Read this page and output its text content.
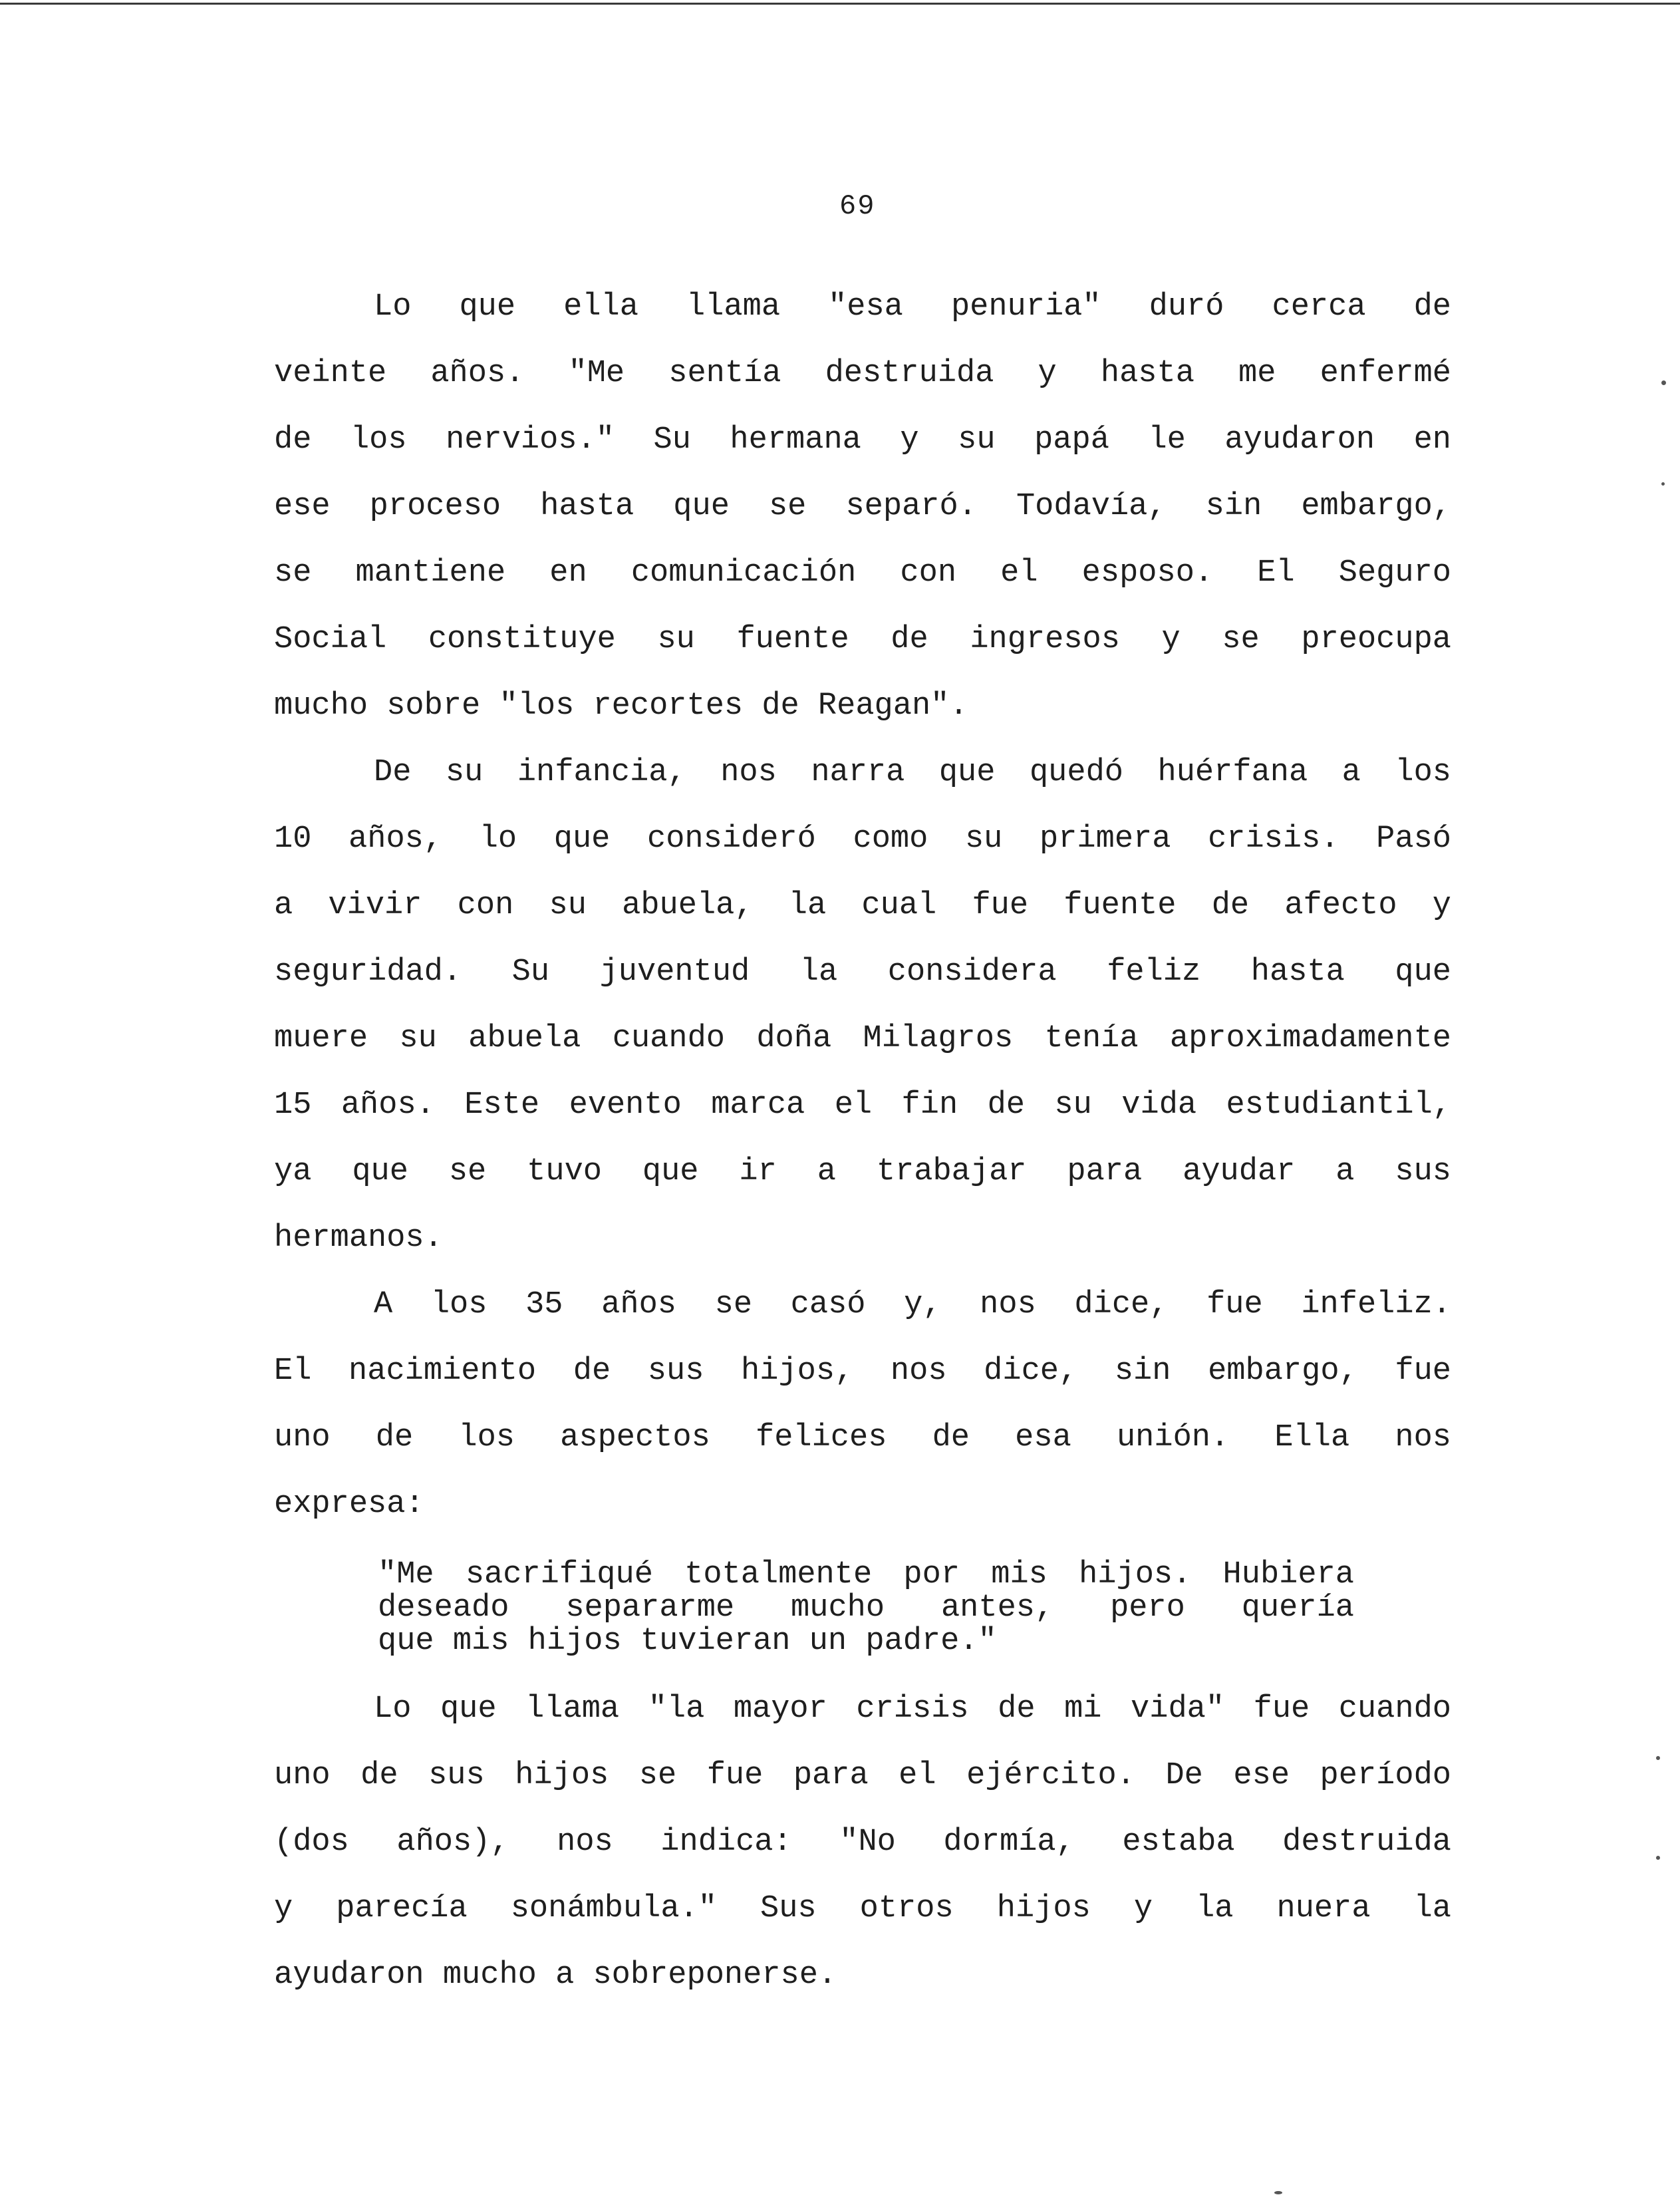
69
Lo que ella llama "esa penuria" duró cerca de
veinte años. "Me sentía destruida y hasta me enfermé
de los nervios." Su hermana y su papá le ayudaron en
ese proceso hasta que se separó. Todavía, sin embargo,
se mantiene en comunicación con el esposo. El Seguro
Social constituye su fuente de ingresos y se preocupa
mucho sobre "los recortes de Reagan".
De su infancia, nos narra que quedó huérfana a los
10 años, lo que consideró como su primera crisis. Pasó
a vivir con su abuela, la cual fue fuente de afecto y
seguridad. Su juventud la considera feliz hasta que
muere su abuela cuando doña Milagros tenía aproximadamente
15 años. Este evento marca el fin de su vida estudiantil,
ya que se tuvo que ir a trabajar para ayudar a sus
hermanos.
A los 35 años se casó y, nos dice, fue infeliz.
El nacimiento de sus hijos, nos dice, sin embargo, fue
uno de los aspectos felices de esa unión. Ella nos
expresa:
"Me sacrifiqué totalmente por mis hijos. Hubiera
deseado separarme mucho antes, pero quería
que mis hijos tuvieran un padre."
Lo que llama "la mayor crisis de mi vida" fue cuando
uno de sus hijos se fue para el ejército. De ese período
(dos años), nos indica: "No dormía, estaba destruida
y parecía sonámbula." Sus otros hijos y la nuera la
ayudaron mucho a sobreponerse.
